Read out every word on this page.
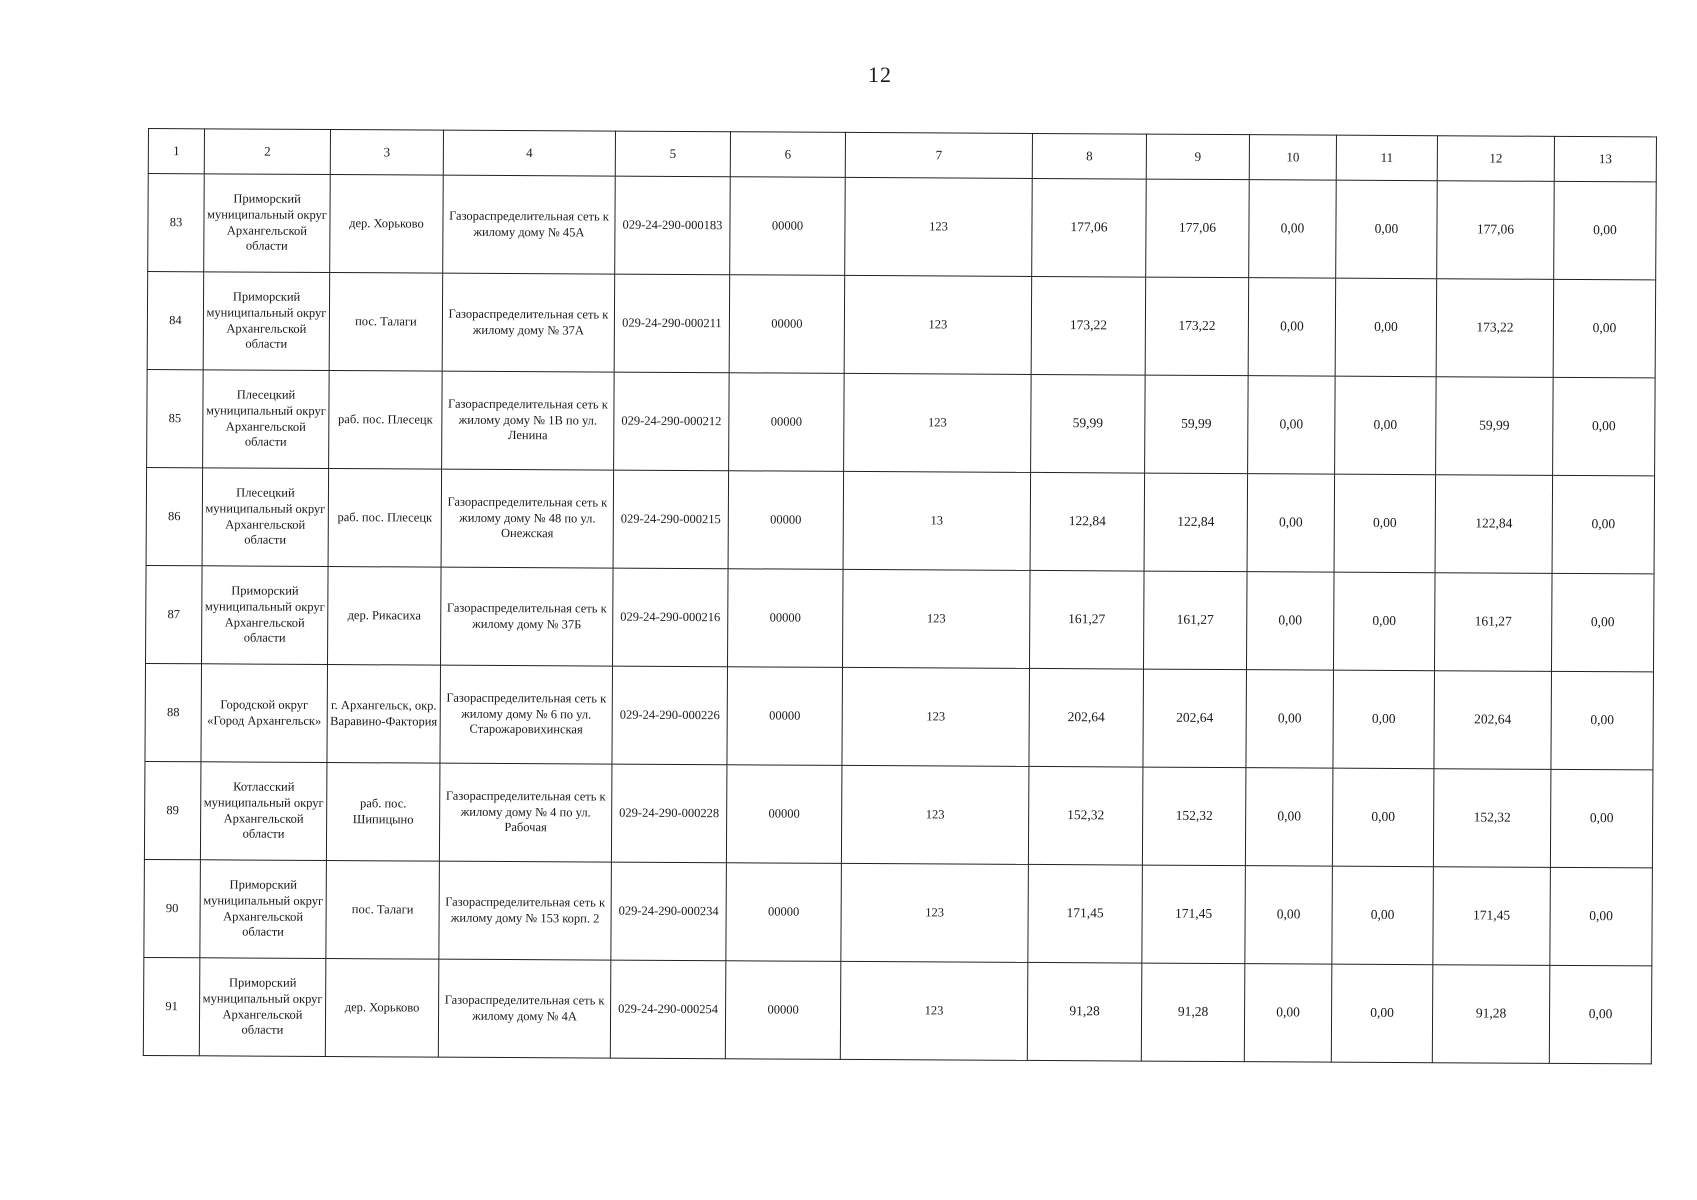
12
1	2	3	4	5	6	7	8	9	10	11	12	13
83	Приморский муниципальный округ Архангельской области	дер. Хорьково	Газораспределительная сеть к жилому дому № 45А	029-24-290-000183	00000	123	177,06	177,06	0,00	0,00	177,06	0,00
84	Приморский муниципальный округ Архангельской области	пос. Талаги	Газораспределительная сеть к жилому дому № 37А	029-24-290-000211	00000	123	173,22	173,22	0,00	0,00	173,22	0,00
85	Плесецкий муниципальный округ Архангельской области	раб. пос. Плесецк	Газораспределительная сеть к жилому дому № 1В по ул. Ленина	029-24-290-000212	00000	123	59,99	59,99	0,00	0,00	59,99	0,00
86	Плесецкий муниципальный округ Архангельской области	раб. пос. Плесецк	Газораспределительная сеть к жилому дому № 48 по ул. Онежская	029-24-290-000215	00000	13	122,84	122,84	0,00	0,00	122,84	0,00
87	Приморский муниципальный округ Архангельской области	дер. Рикасиха	Газораспределительная сеть к жилому дому № 37Б	029-24-290-000216	00000	123	161,27	161,27	0,00	0,00	161,27	0,00
88	Городской округ «Город Архангельск»	г. Архангельск, окр. Варавино-Фактория	Газораспределительная сеть к жилому дому № 6 по ул. Старожаровихинская	029-24-290-000226	00000	123	202,64	202,64	0,00	0,00	202,64	0,00
89	Котласский муниципальный округ Архангельской области	раб. пос. Шипицыно	Газораспределительная сеть к жилому дому № 4 по ул. Рабочая	029-24-290-000228	00000	123	152,32	152,32	0,00	0,00	152,32	0,00
90	Приморский муниципальный округ Архангельской области	пос. Талаги	Газораспределительная сеть к жилому дому № 153 корп. 2	029-24-290-000234	00000	123	171,45	171,45	0,00	0,00	171,45	0,00
91	Приморский муниципальный округ Архангельской области	дер. Хорьково	Газораспределительная сеть к жилому дому № 4А	029-24-290-000254	00000	123	91,28	91,28	0,00	0,00	91,28	0,00
